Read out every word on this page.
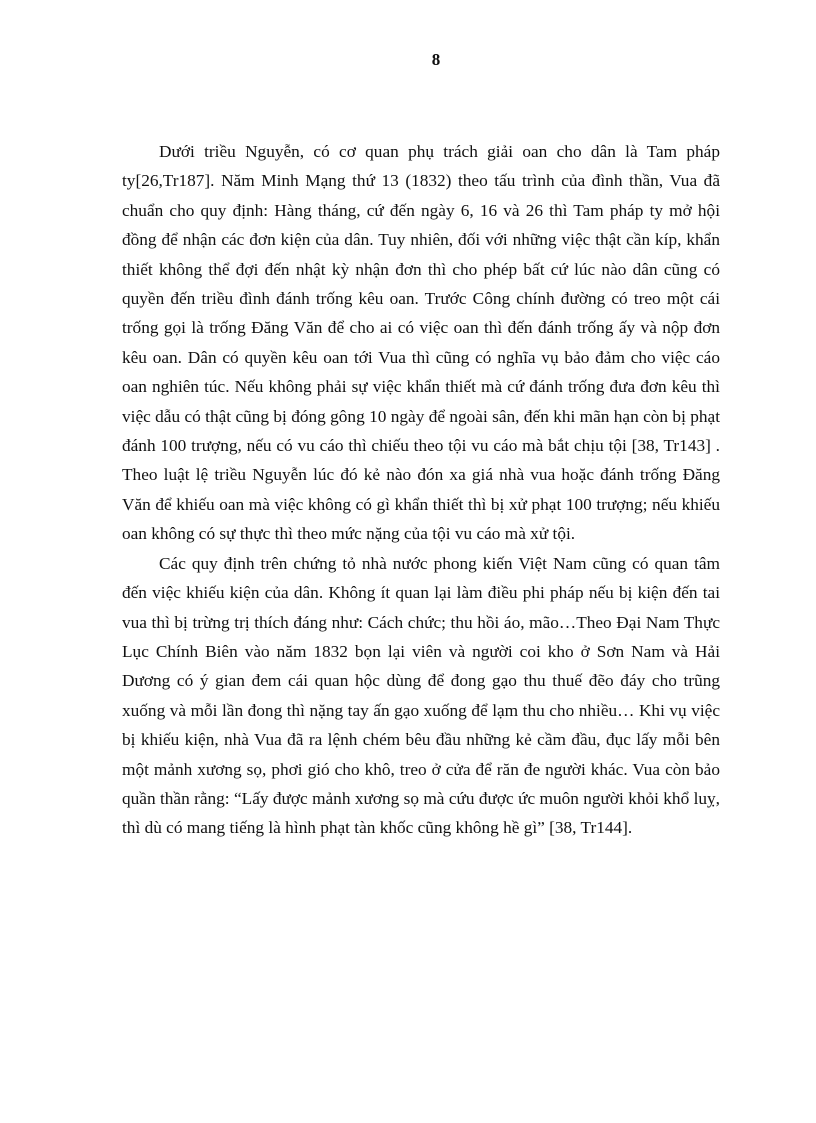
8

Dưới triều Nguyễn, có cơ quan phụ trách giải oan cho dân là Tam pháp ty[26,Tr187]. Năm Minh Mạng thứ 13 (1832) theo tấu trình của đình thần, Vua đã chuẩn cho quy định: Hàng tháng, cứ đến ngày 6, 16 và 26 thì Tam pháp ty mở hội đồng để nhận các đơn kiện của dân. Tuy nhiên, đối với những việc thật cần kíp, khẩn thiết không thể đợi đến nhật kỳ nhận đơn thì cho phép bất cứ lúc nào dân cũng có quyền đến triều đình đánh trống kêu oan. Trước Công chính đường có treo một cái trống gọi là trống Đăng Văn để cho ai có việc oan thì đến đánh trống ấy và nộp đơn kêu oan. Dân có quyền kêu oan tới Vua thì cũng có nghĩa vụ bảo đảm cho việc cáo oan nghiên túc. Nếu không phải sự việc khẩn thiết mà cứ đánh trống đưa đơn kêu thì việc dẫu có thật cũng bị đóng gông 10 ngày để ngoài sân, đến khi mãn hạn còn bị phạt đánh 100 trượng, nếu có vu cáo thì chiếu theo tội vu cáo mà bắt chịu tội [38, Tr143] . Theo luật lệ triều Nguyễn lúc đó kẻ nào đón xa giá nhà vua hoặc đánh trống Đăng Văn để khiếu oan mà việc không có gì khẩn thiết thì bị xử phạt 100 trượng; nếu khiếu oan không có sự thực thì theo mức nặng của tội vu cáo mà xử tội.

Các quy định trên chứng tỏ nhà nước phong kiến Việt Nam cũng có quan tâm đến việc khiếu kiện của dân. Không ít quan lại làm điều phi pháp nếu bị kiện đến tai vua thì bị trừng trị thích đáng như: Cách chức; thu hồi áo, mão…Theo Đại Nam Thực Lục Chính Biên vào năm 1832 bọn lại viên và người coi kho ở Sơn Nam và Hải Dương có ý gian đem cái quan hộc dùng để đong gạo thu thuế đẽo đáy cho trũng xuống và mỗi lần đong thì nặng tay ấn gạo xuống để lạm thu cho nhiều… Khi vụ việc bị khiếu kiện, nhà Vua đã ra lệnh chém bêu đầu những kẻ cầm đầu, đục lấy mỗi bên một mảnh xương sọ, phơi gió cho khô, treo ở cửa để răn đe người khác. Vua còn bảo quần thần rằng: “Lấy được mảnh xương sọ mà cứu được ức muôn người khỏi khổ luỵ, thì dù có mang tiếng là hình phạt tàn khốc cũng không hề gì” [38, Tr144].
